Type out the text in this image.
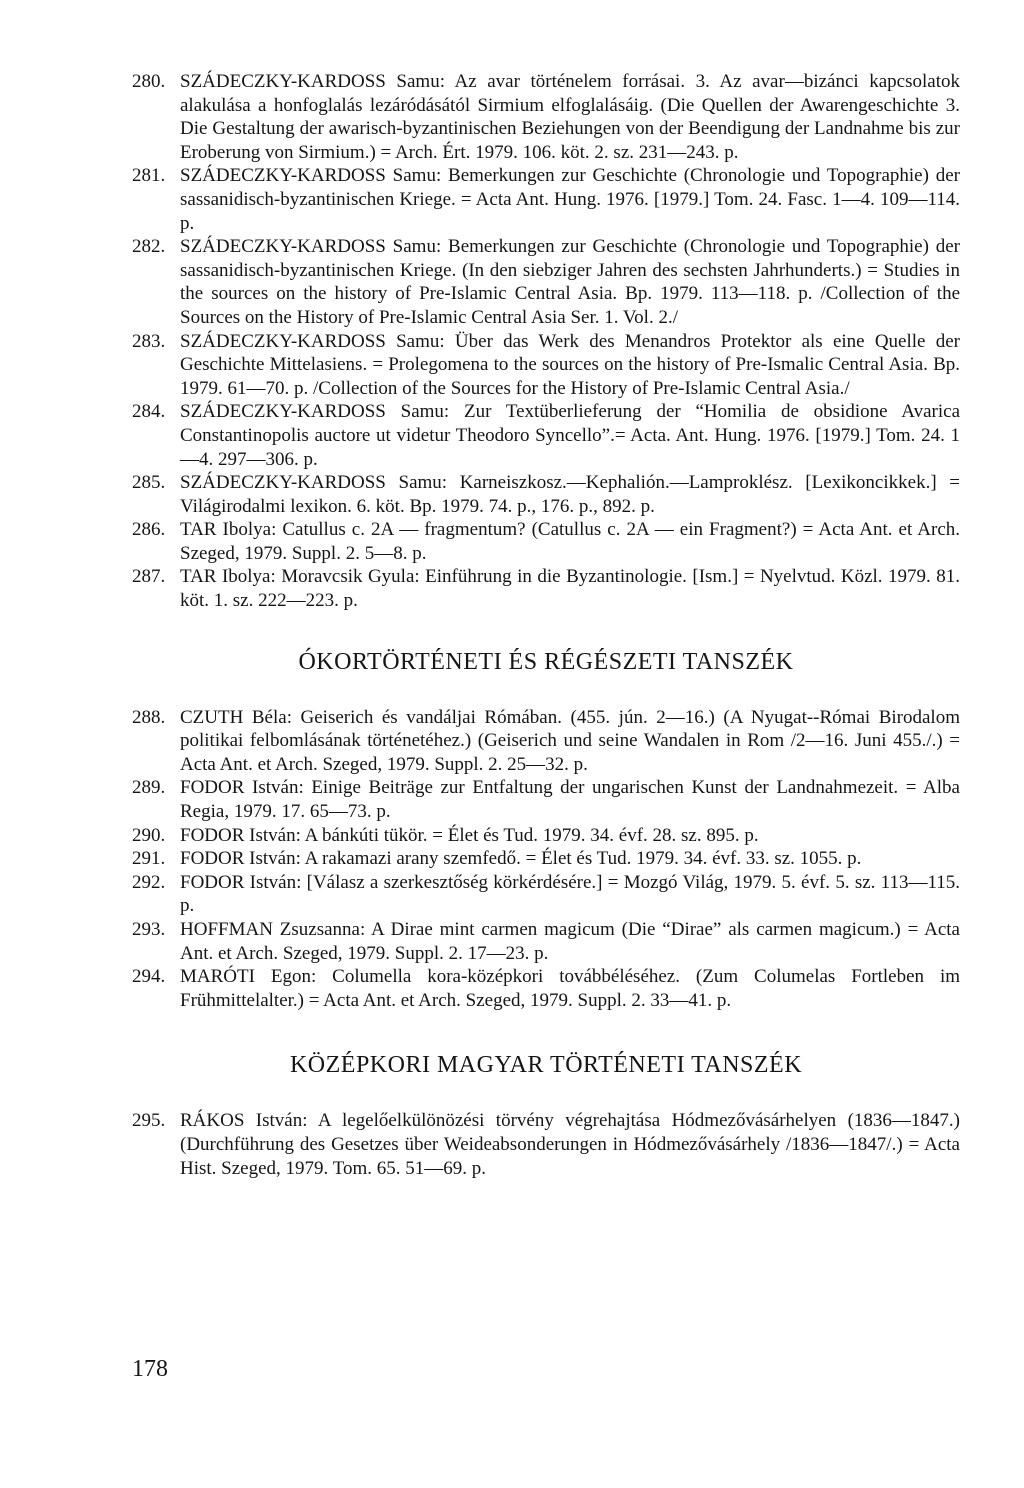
280. SZÁDECZKY-KARDOSS Samu: Az avar történelem forrásai. 3. Az avar—bizánci kapcsolatok alakulása a honfoglalás lezáródásától Sirmium elfoglalásáig. (Die Quellen der Awarengeschichte 3. Die Gestaltung der awarisch-byzantinischen Beziehungen von der Beendigung der Landnahme bis zur Eroberung von Sirmium.) = Arch. Ért. 1979. 106. köt. 2. sz. 231—243. p.
281. SZÁDECZKY-KARDOSS Samu: Bemerkungen zur Geschichte (Chronologie und Topographie) der sassanidisch-byzantinischen Kriege. = Acta Ant. Hung. 1976. [1979.] Tom. 24. Fasc. 1—4. 109—114. p.
282. SZÁDECZKY-KARDOSS Samu: Bemerkungen zur Geschichte (Chronologie und Topographie) der sassanidisch-byzantinischen Kriege. (In den siebziger Jahren des sechsten Jahrhunderts.) = Studies in the sources on the history of Pre-Islamic Central Asia. Bp. 1979. 113—118. p. /Collection of the Sources on the History of Pre-Islamic Central Asia Ser. 1. Vol. 2./
283. SZÁDECZKY-KARDOSS Samu: Über das Werk des Menandros Protektor als eine Quelle der Geschichte Mittelasiens. = Prolegomena to the sources on the history of Pre-Ismalic Central Asia. Bp. 1979. 61—70. p. /Collection of the Sources for the History of Pre-Islamic Central Asia./
284. SZÁDECZKY-KARDOSS Samu: Zur Textüberlieferung der “Homilia de obsidione Avarica Constantinopolis auctore ut videtur Theodoro Syncello”.= Acta. Ant. Hung. 1976. [1979.] Tom. 24. 1—4. 297—306. p.
285. SZÁDECZKY-KARDOSS Samu: Karneiszkosz.—Kephalión.—Lamproklész. [Lexikoncikkek.] = Világirodalmi lexikon. 6. köt. Bp. 1979. 74. p., 176. p., 892. p.
286. TAR Ibolya: Catullus c. 2A — fragmentum? (Catullus c. 2A — ein Fragment?) = Acta Ant. et Arch. Szeged, 1979. Suppl. 2. 5—8. p.
287. TAR Ibolya: Moravcsik Gyula: Einführung in die Byzantinologie. [Ism.] = Nyelvtud. Közl. 1979. 81. köt. 1. sz. 222—223. p.
ÓKORTÖRTÉNETI ÉS RÉGÉSZETI TANSZÉK
288. CZUTH Béla: Geiserich és vandáljai Rómában. (455. jún. 2—16.) (A Nyugat--Római Birodalom politikai felbomlásának történetéhez.) (Geiserich und seine Wandalen in Rom /2—16. Juni 455./.) = Acta Ant. et Arch. Szeged, 1979. Suppl. 2. 25—32. p.
289. FODOR István: Einige Beiträge zur Entfaltung der ungarischen Kunst der Landnahmezeit. = Alba Regia, 1979. 17. 65—73. p.
290. FODOR István: A bánkúti tükör. = Élet és Tud. 1979. 34. évf. 28. sz. 895. p.
291. FODOR István: A rakamazi arany szemfedő. = Élet és Tud. 1979. 34. évf. 33. sz. 1055. p.
292. FODOR István: [Válasz a szerkesztőség körkérdésére.] = Mozgó Világ, 1979. 5. évf. 5. sz. 113—115. p.
293. HOFFMAN Zsuzsanna: A Dirae mint carmen magicum (Die “Dirae” als carmen magicum.) = Acta Ant. et Arch. Szeged, 1979. Suppl. 2. 17—23. p.
294. MARÓTI Egon: Columella kora-középkori továbbéléséhez. (Zum Columelas Fortleben im Frühmittelalter.) = Acta Ant. et Arch. Szeged, 1979. Suppl. 2. 33—41. p.
KÖZÉPKORI MAGYAR TÖRTÉNETI TANSZÉK
295. RÁKOS István: A legelőelkülönözési törvény végrehajtása Hódmezővásárhelyen (1836—1847.) (Durchführung des Gesetzes über Weideabsonderungen in Hódmezővásárhely /1836—1847/.) = Acta Hist. Szeged, 1979. Tom. 65. 51—69. p.
178
